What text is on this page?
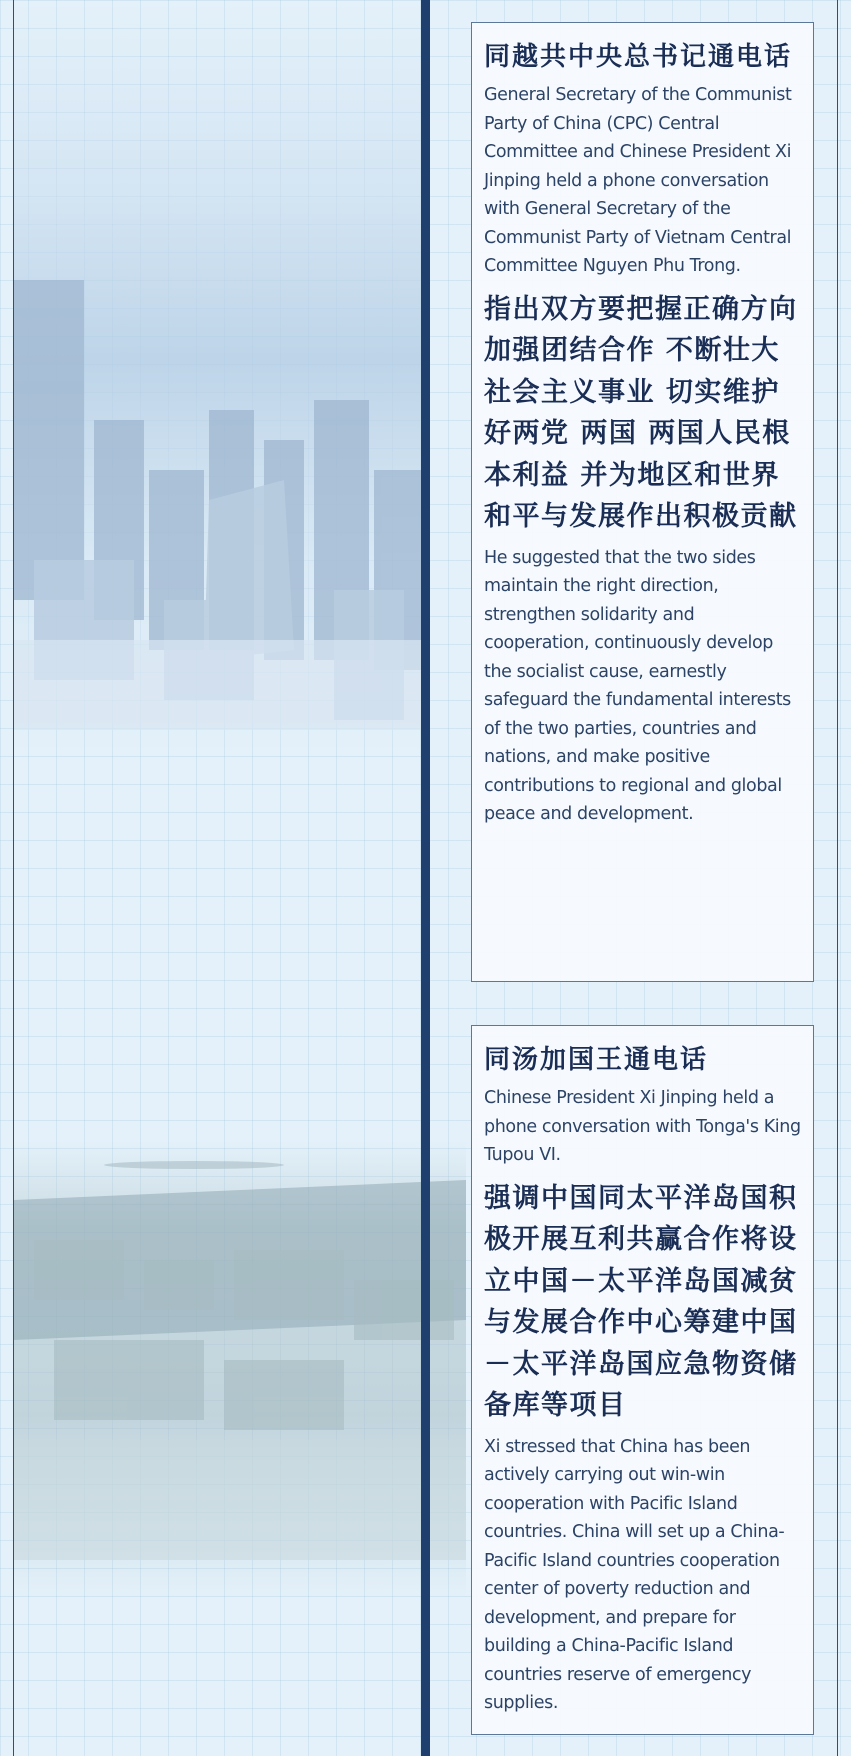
同越共中央总书记通电话

General Secretary of the Communist Party of China (CPC) Central Committee and Chinese President Xi Jinping held a phone conversation with General Secretary of the Communist Party of Vietnam Central Committee Nguyen Phu Trong.

指出双方要把握正确方向 加强团结合作 不断壮大社会主义事业 切实维护好两党 两国 两国人民根本利益 并为地区和世界和平与发展作出积极贡献

He suggested that the two sides maintain the right direction, strengthen solidarity and cooperation, continuously develop the socialist cause, earnestly safeguard the fundamental interests of the two parties, countries and nations, and make positive contributions to regional and global peace and development.

同汤加国王通电话

Chinese President Xi Jinping held a phone conversation with Tonga's King Tupou VI.

强调中国同太平洋岛国积极开展互利共赢合作将设立中国－太平洋岛国减贫与发展合作中心筹建中国－太平洋岛国应急物资储备库等项目

Xi stressed that China has been actively carrying out win-win cooperation with Pacific Island countries. China will set up a China-Pacific Island countries cooperation center of poverty reduction and development, and prepare for building a China-Pacific Island countries reserve of emergency supplies.
